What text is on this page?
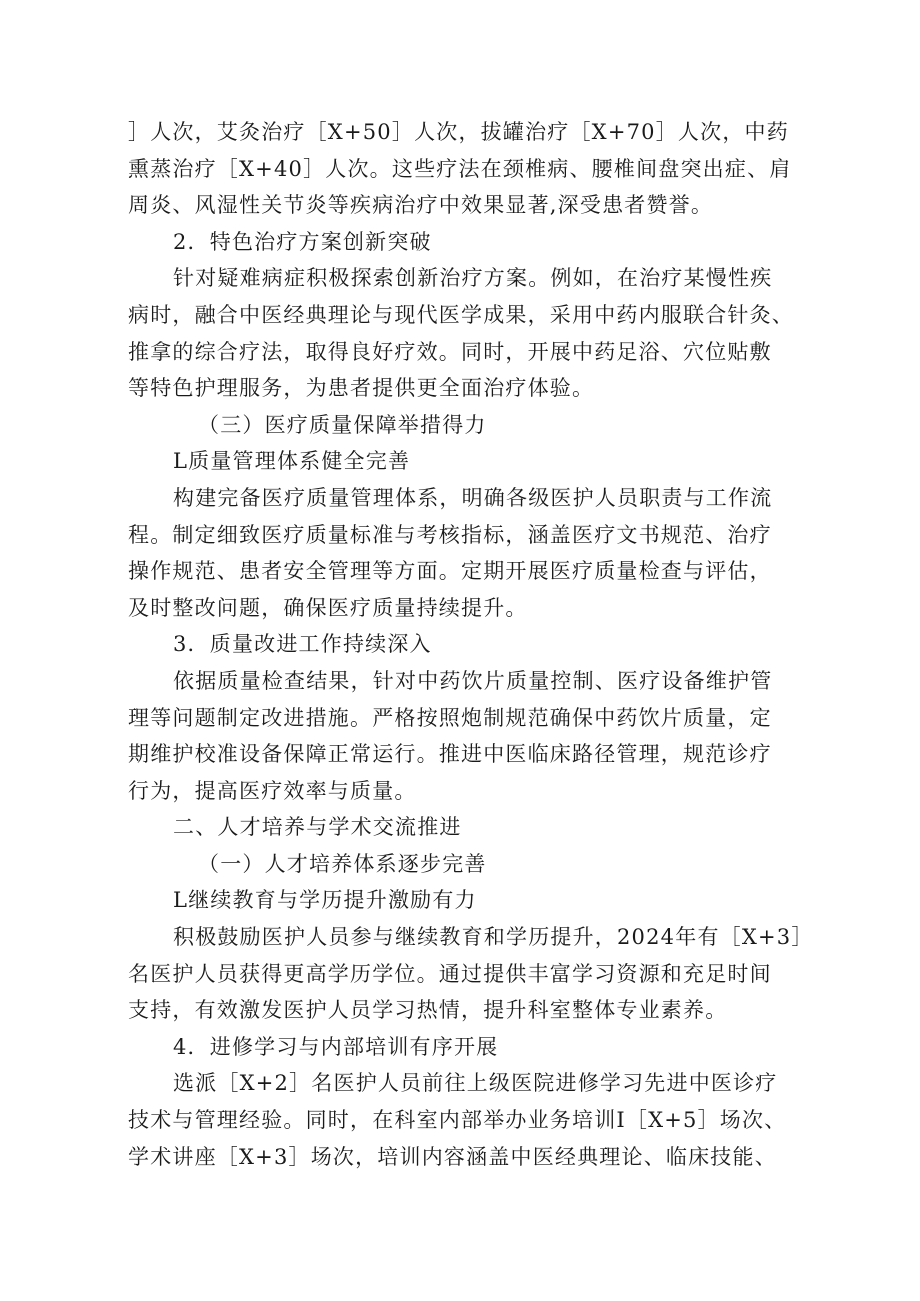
］人次，艾灸治疗［X+50］人次，拔罐治疗［X+70］人次，中药
熏蒸治疗［X+40］人次。这些疗法在颈椎病、腰椎间盘突出症、肩
周炎、风湿性关节炎等疾病治疗中效果显著,深受患者赞誉。
2．特色治疗方案创新突破
针对疑难病症积极探索创新治疗方案。例如，在治疗某慢性疾
病时，融合中医经典理论与现代医学成果，采用中药内服联合针灸、
推拿的综合疗法，取得良好疗效。同时，开展中药足浴、穴位贴敷
等特色护理服务，为患者提供更全面治疗体验。
（三）医疗质量保障举措得力
L质量管理体系健全完善
构建完备医疗质量管理体系，明确各级医护人员职责与工作流
程。制定细致医疗质量标准与考核指标，涵盖医疗文书规范、治疗
操作规范、患者安全管理等方面。定期开展医疗质量检查与评估，
及时整改问题，确保医疗质量持续提升。
3．质量改进工作持续深入
依据质量检查结果，针对中药饮片质量控制、医疗设备维护管
理等问题制定改进措施。严格按照炮制规范确保中药饮片质量，定
期维护校准设备保障正常运行。推进中医临床路径管理，规范诊疗
行为，提高医疗效率与质量。
二、人才培养与学术交流推进
（一）人才培养体系逐步完善
L继续教育与学历提升激励有力
积极鼓励医护人员参与继续教育和学历提升，2024年有［X+3］
名医护人员获得更高学历学位。通过提供丰富学习资源和充足时间
支持，有效激发医护人员学习热情，提升科室整体专业素养。
4．进修学习与内部培训有序开展
选派［X+2］名医护人员前往上级医院进修学习先进中医诊疗
技术与管理经验。同时，在科室内部举办业务培训I［X+5］场次、
学术讲座［X+3］场次，培训内容涵盖中医经典理论、临床技能、
